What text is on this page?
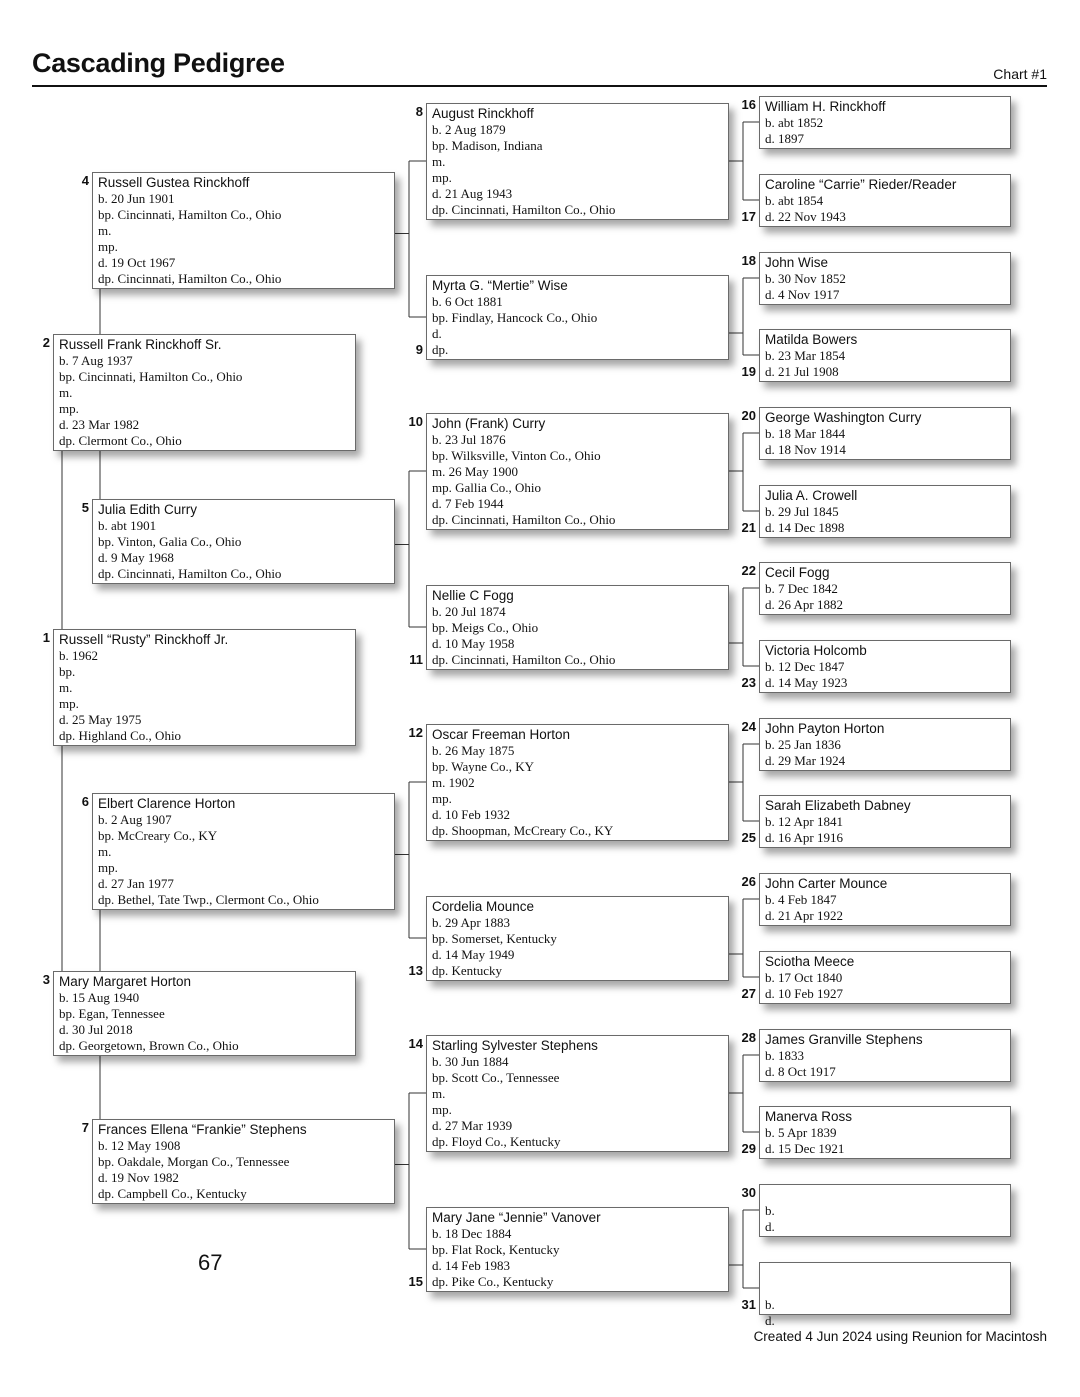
Cascading Pedigree	Chart #1
Russell “Rusty” Rinckhoff Jr.
b. 1962
bp.
m.
mp.
d. 25 May 1975
dp. Highland Co., Ohio
1
Russell Frank Rinckhoff Sr.
b. 7 Aug 1937
bp. Cincinnati, Hamilton Co., Ohio
m.
mp.
d. 23 Mar 1982
dp. Clermont Co., Ohio
2
Mary Margaret Horton
b. 15 Aug 1940
bp. Egan, Tennessee
d. 30 Jul 2018
dp. Georgetown, Brown Co., Ohio
3
Russell Gustea Rinckhoff
b. 20 Jun 1901
bp. Cincinnati, Hamilton Co., Ohio
m.
mp.
d. 19 Oct 1967
dp. Cincinnati, Hamilton Co., Ohio
4
Julia Edith Curry
b. abt 1901
bp. Vinton, Galia Co., Ohio
d. 9 May 1968
dp. Cincinnati, Hamilton Co., Ohio
5
Elbert Clarence Horton
b. 2 Aug 1907
bp. McCreary Co., KY
m.
mp.
d. 27 Jan 1977
dp. Bethel, Tate Twp., Clermont Co., Ohio
6
Frances Ellena “Frankie” Stephens
b. 12 May 1908
bp. Oakdale, Morgan Co., Tennessee
d. 19 Nov 1982
dp. Campbell Co., Kentucky
7
August Rinckhoff
b. 2 Aug 1879
bp. Madison, Indiana
m.
mp.
d. 21 Aug 1943
dp. Cincinnati, Hamilton Co., Ohio
8
Myrta G. “Mertie” Wise
b. 6 Oct 1881
bp. Findlay, Hancock Co., Ohio
d.
dp.
9
John (Frank) Curry
b. 23 Jul 1876
bp. Wilksville, Vinton Co., Ohio
m. 26 May 1900
mp. Gallia Co., Ohio
d. 7 Feb 1944
dp. Cincinnati, Hamilton Co., Ohio
10
Nellie C Fogg
b. 20 Jul 1874
bp. Meigs Co., Ohio
d. 10 May 1958
dp. Cincinnati, Hamilton Co., Ohio
11
Oscar Freeman Horton
b. 26 May 1875
bp. Wayne Co., KY
m. 1902
mp.
d. 10 Feb 1932
dp. Shoopman, McCreary Co., KY
12
Cordelia Mounce
b. 29 Apr 1883
bp. Somerset, Kentucky
d. 14 May 1949
dp. Kentucky
13
Starling Sylvester Stephens
b. 30 Jun 1884
bp. Scott Co., Tennessee
m.
mp.
d. 27 Mar 1939
dp. Floyd Co., Kentucky
14
Mary Jane “Jennie” Vanover
b. 18 Dec 1884
bp. Flat Rock, Kentucky
d. 14 Feb 1983
dp. Pike Co., Kentucky
15
William H. Rinckhoff
b. abt 1852
d. 1897
16
Caroline “Carrie” Rieder/Reader
b. abt 1854
d. 22 Nov 1943
17
John Wise
b. 30 Nov 1852
d. 4 Nov 1917
18
Matilda Bowers
b. 23 Mar 1854
d. 21 Jul 1908
19
George Washington Curry
b. 18 Mar 1844
d. 18 Nov 1914
20
Julia A. Crowell
b. 29 Jul 1845
d. 14 Dec 1898
21
Cecil Fogg
b. 7 Dec 1842
d. 26 Apr 1882
22
Victoria Holcomb
b. 12 Dec 1847
d. 14 May 1923
23
John Payton Horton
b. 25 Jan 1836
d. 29 Mar 1924
24
Sarah Elizabeth Dabney
b. 12 Apr 1841
d. 16 Apr 1916
25
John Carter Mounce
b. 4 Feb 1847
d. 21 Apr 1922
26
Sciotha Meece
b. 17 Oct 1840
d. 10 Feb 1927
27
James Granville Stephens
b. 1833
d. 8 Oct 1917
28
Manerva Ross
b. 5 Apr 1839
d. 15 Dec 1921
29

b.
d.
30

b.
d.
31
67
Created 4 Jun 2024 using Reunion for Macintosh
